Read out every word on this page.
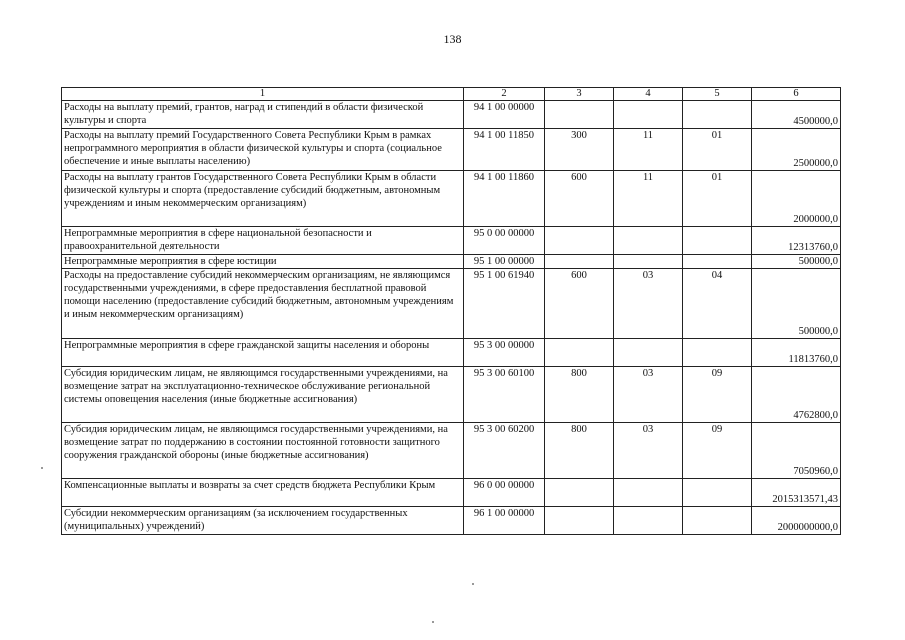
138
1	2	3	4	5	6
Расходы на выплату премий, грантов, наград и стипендий в области физической культуры и спорта	94 1 00 00000				4500000,0
Расходы на выплату премий Государственного Совета Республики Крым в рамках непрограммного мероприятия в области физической культуры и спорта (социальное обеспечение и иные выплаты населению)	94 1 00 11850	300	11	01	2500000,0
Расходы на выплату грантов Государственного Совета Республики Крым в области физической культуры и спорта (предоставление субсидий бюджетным, автономным учреждениям и иным некоммерческим организациям)	94 1 00 11860	600	11	01	2000000,0
Непрограммные мероприятия в сфере национальной безопасности и правоохранительной деятельности	95 0 00 00000				12313760,0
Непрограммные мероприятия в сфере юстиции	95 1 00 00000				500000,0
Расходы на предоставление субсидий некоммерческим организациям, не являющимся государственными учреждениями, в сфере предоставления бесплатной правовой помощи населению (предоставление субсидий бюджетным, автономным учреждениям и иным некоммерческим организациям)	95 1 00 61940	600	03	04	500000,0
Непрограммные мероприятия в сфере гражданской защиты населения и обороны	95 3 00 00000				11813760,0
Субсидия юридическим лицам, не являющимся государственными учреждениями, на возмещение затрат на эксплуатационно-техническое обслуживание региональной системы оповещения населения (иные бюджетные ассигнования)	95 3 00 60100	800	03	09	4762800,0
Субсидия юридическим лицам, не являющимся государственными учреждениями, на возмещение затрат по поддержанию в состоянии постоянной готовности защитного сооружения гражданской обороны (иные бюджетные ассигнования)	95 3 00 60200	800	03	09	7050960,0
Компенсационные выплаты и возвраты за счет средств бюджета Республики Крым	96 0 00 00000				2015313571,43
Субсидии некоммерческим организациям (за исключением государственных (муниципальных) учреждений)	96 1 00 00000				2000000000,0
